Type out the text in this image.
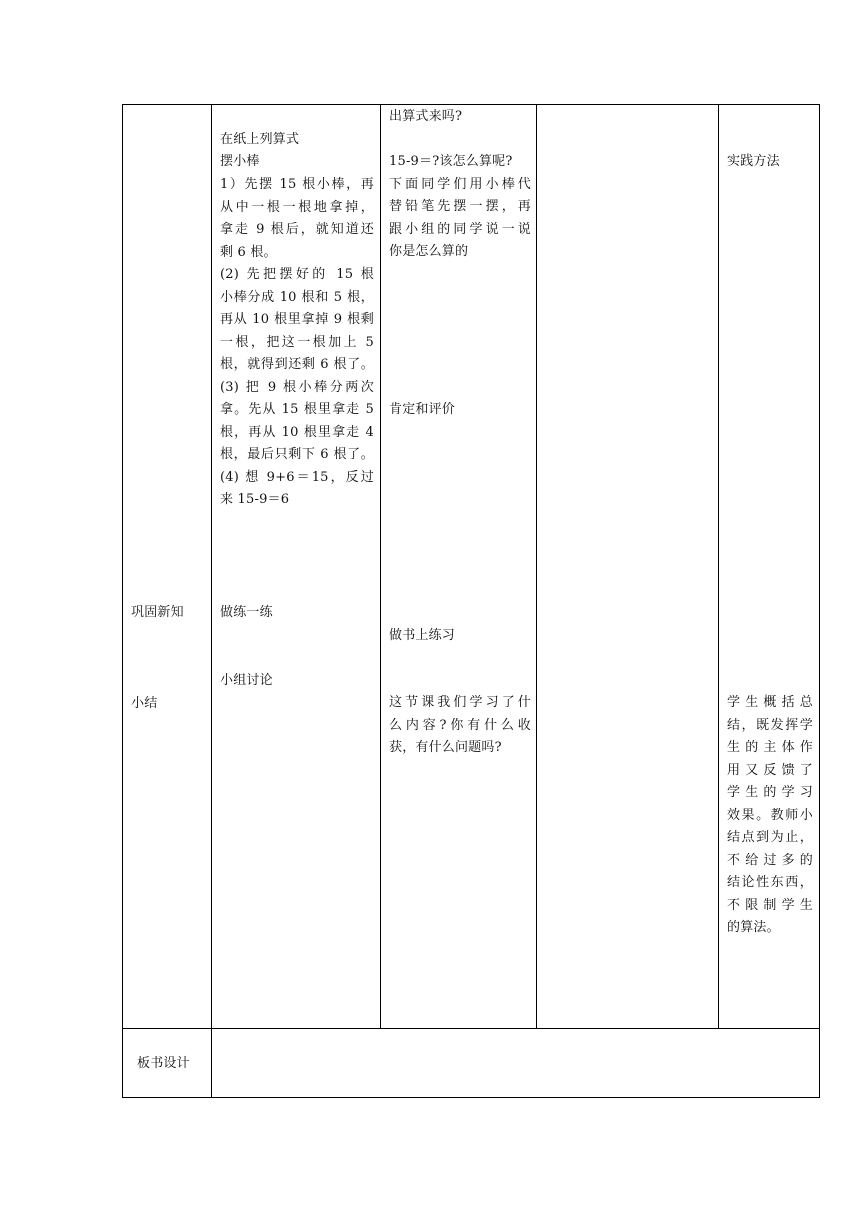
巩固新知
小结
板书设计
在纸上列算式
摆小棒
1）先摆 15 根小棒，再
从中一根一根地拿掉，
拿走 9 根后，就知道还
剩 6 根。
(2) 先把摆好的 15 根
小棒分成 10 根和 5 根，
再从 10 根里拿掉 9 根剩
一根，把这一根加上 5
根，就得到还剩 6 根了。
(3) 把 9 根小棒分两次
拿。先从 15 根里拿走 5
根，再从 10 根里拿走 4
根，最后只剩下 6 根了。
(4) 想 9+6＝15，反过
来 15-9＝6
做练一练
小组讨论
出算式来吗?
15-9＝?该怎么算呢?
下面同学们用小棒代
替铅笔先摆一摆，再
跟小组的同学说一说
你是怎么算的
肯定和评价
做书上练习
这节课我们学习了什
么内容?你有什么收
获，有什么问题吗?
实践方法
学生概括总
结，既发挥学
生的主体作
用又反馈了
学生的学习
效果。教师小
结点到为止，
不给过多的
结论性东西，
不限制学生
的算法。
